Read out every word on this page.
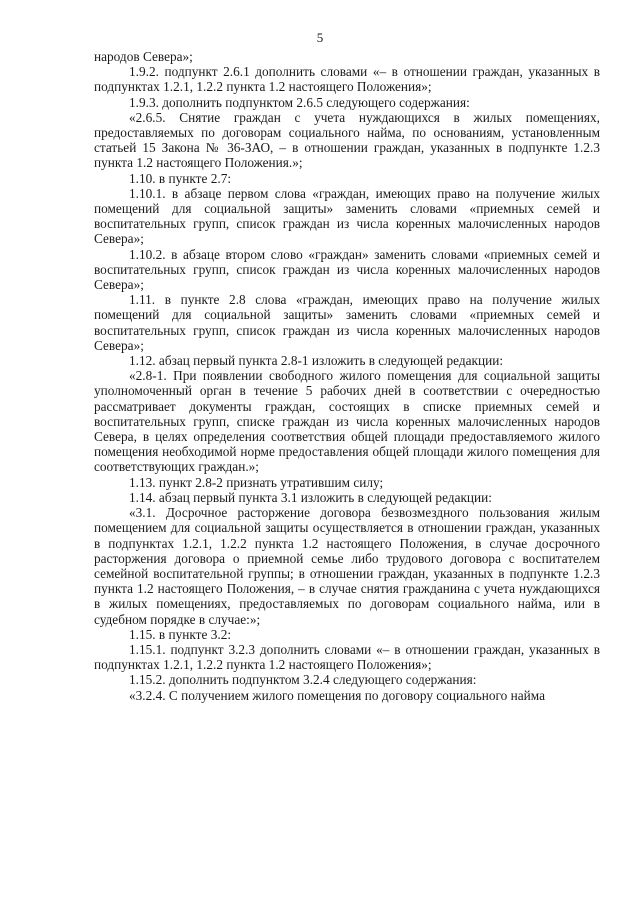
5

народов Севера»;

1.9.2. подпункт 2.6.1 дополнить словами «– в отношении граждан, указанных в подпунктах 1.2.1, 1.2.2 пункта 1.2 настоящего Положения»;

1.9.3. дополнить подпунктом 2.6.5 следующего содержания:

«2.6.5. Снятие граждан с учета нуждающихся в жилых помещениях, предоставляемых по договорам социального найма, по основаниям, установленным статьей 15 Закона № 36-ЗАО, – в отношении граждан, указанных в подпункте 1.2.3 пункта 1.2 настоящего Положения.»;

1.10. в пункте 2.7:

1.10.1. в абзаце первом слова «граждан, имеющих право на получение жилых помещений для социальной защиты» заменить словами «приемных семей и воспитательных групп, список граждан из числа коренных малочисленных народов Севера»;

1.10.2. в абзаце втором слово «граждан» заменить словами «приемных семей и воспитательных групп, список граждан из числа коренных малочисленных народов Севера»;

1.11. в пункте 2.8 слова «граждан, имеющих право на получение жилых помещений для социальной защиты» заменить словами «приемных семей и воспитательных групп, список граждан из числа коренных малочисленных народов Севера»;

1.12. абзац первый пункта 2.8-1 изложить в следующей редакции:

«2.8-1. При появлении свободного жилого помещения для социальной защиты уполномоченный орган в течение 5 рабочих дней в соответствии с очередностью рассматривает документы граждан, состоящих в списке приемных семей и воспитательных групп, списке граждан из числа коренных малочисленных народов Севера, в целях определения соответствия общей площади предоставляемого жилого помещения необходимой норме предоставления общей площади жилого помещения для соответствующих граждан.»;

1.13. пункт 2.8-2 признать утратившим силу;

1.14. абзац первый пункта 3.1 изложить в следующей редакции:

«3.1. Досрочное расторжение договора безвозмездного пользования жилым помещением для социальной защиты осуществляется в отношении граждан, указанных в подпунктах 1.2.1, 1.2.2 пункта 1.2 настоящего Положения, в случае досрочного расторжения договора о приемной семье либо трудового договора с воспитателем семейной воспитательной группы; в отношении граждан, указанных в подпункте 1.2.3 пункта 1.2 настоящего Положения, – в случае снятия гражданина с учета нуждающихся в жилых помещениях, предоставляемых по договорам социального найма, или в судебном порядке в случае:»;

1.15. в пункте 3.2:

1.15.1. подпункт 3.2.3 дополнить словами «– в отношении граждан, указанных в подпунктах 1.2.1, 1.2.2 пункта 1.2 настоящего Положения»;

1.15.2. дополнить подпунктом 3.2.4 следующего содержания:

«3.2.4. С получением жилого помещения по договору социального найма
